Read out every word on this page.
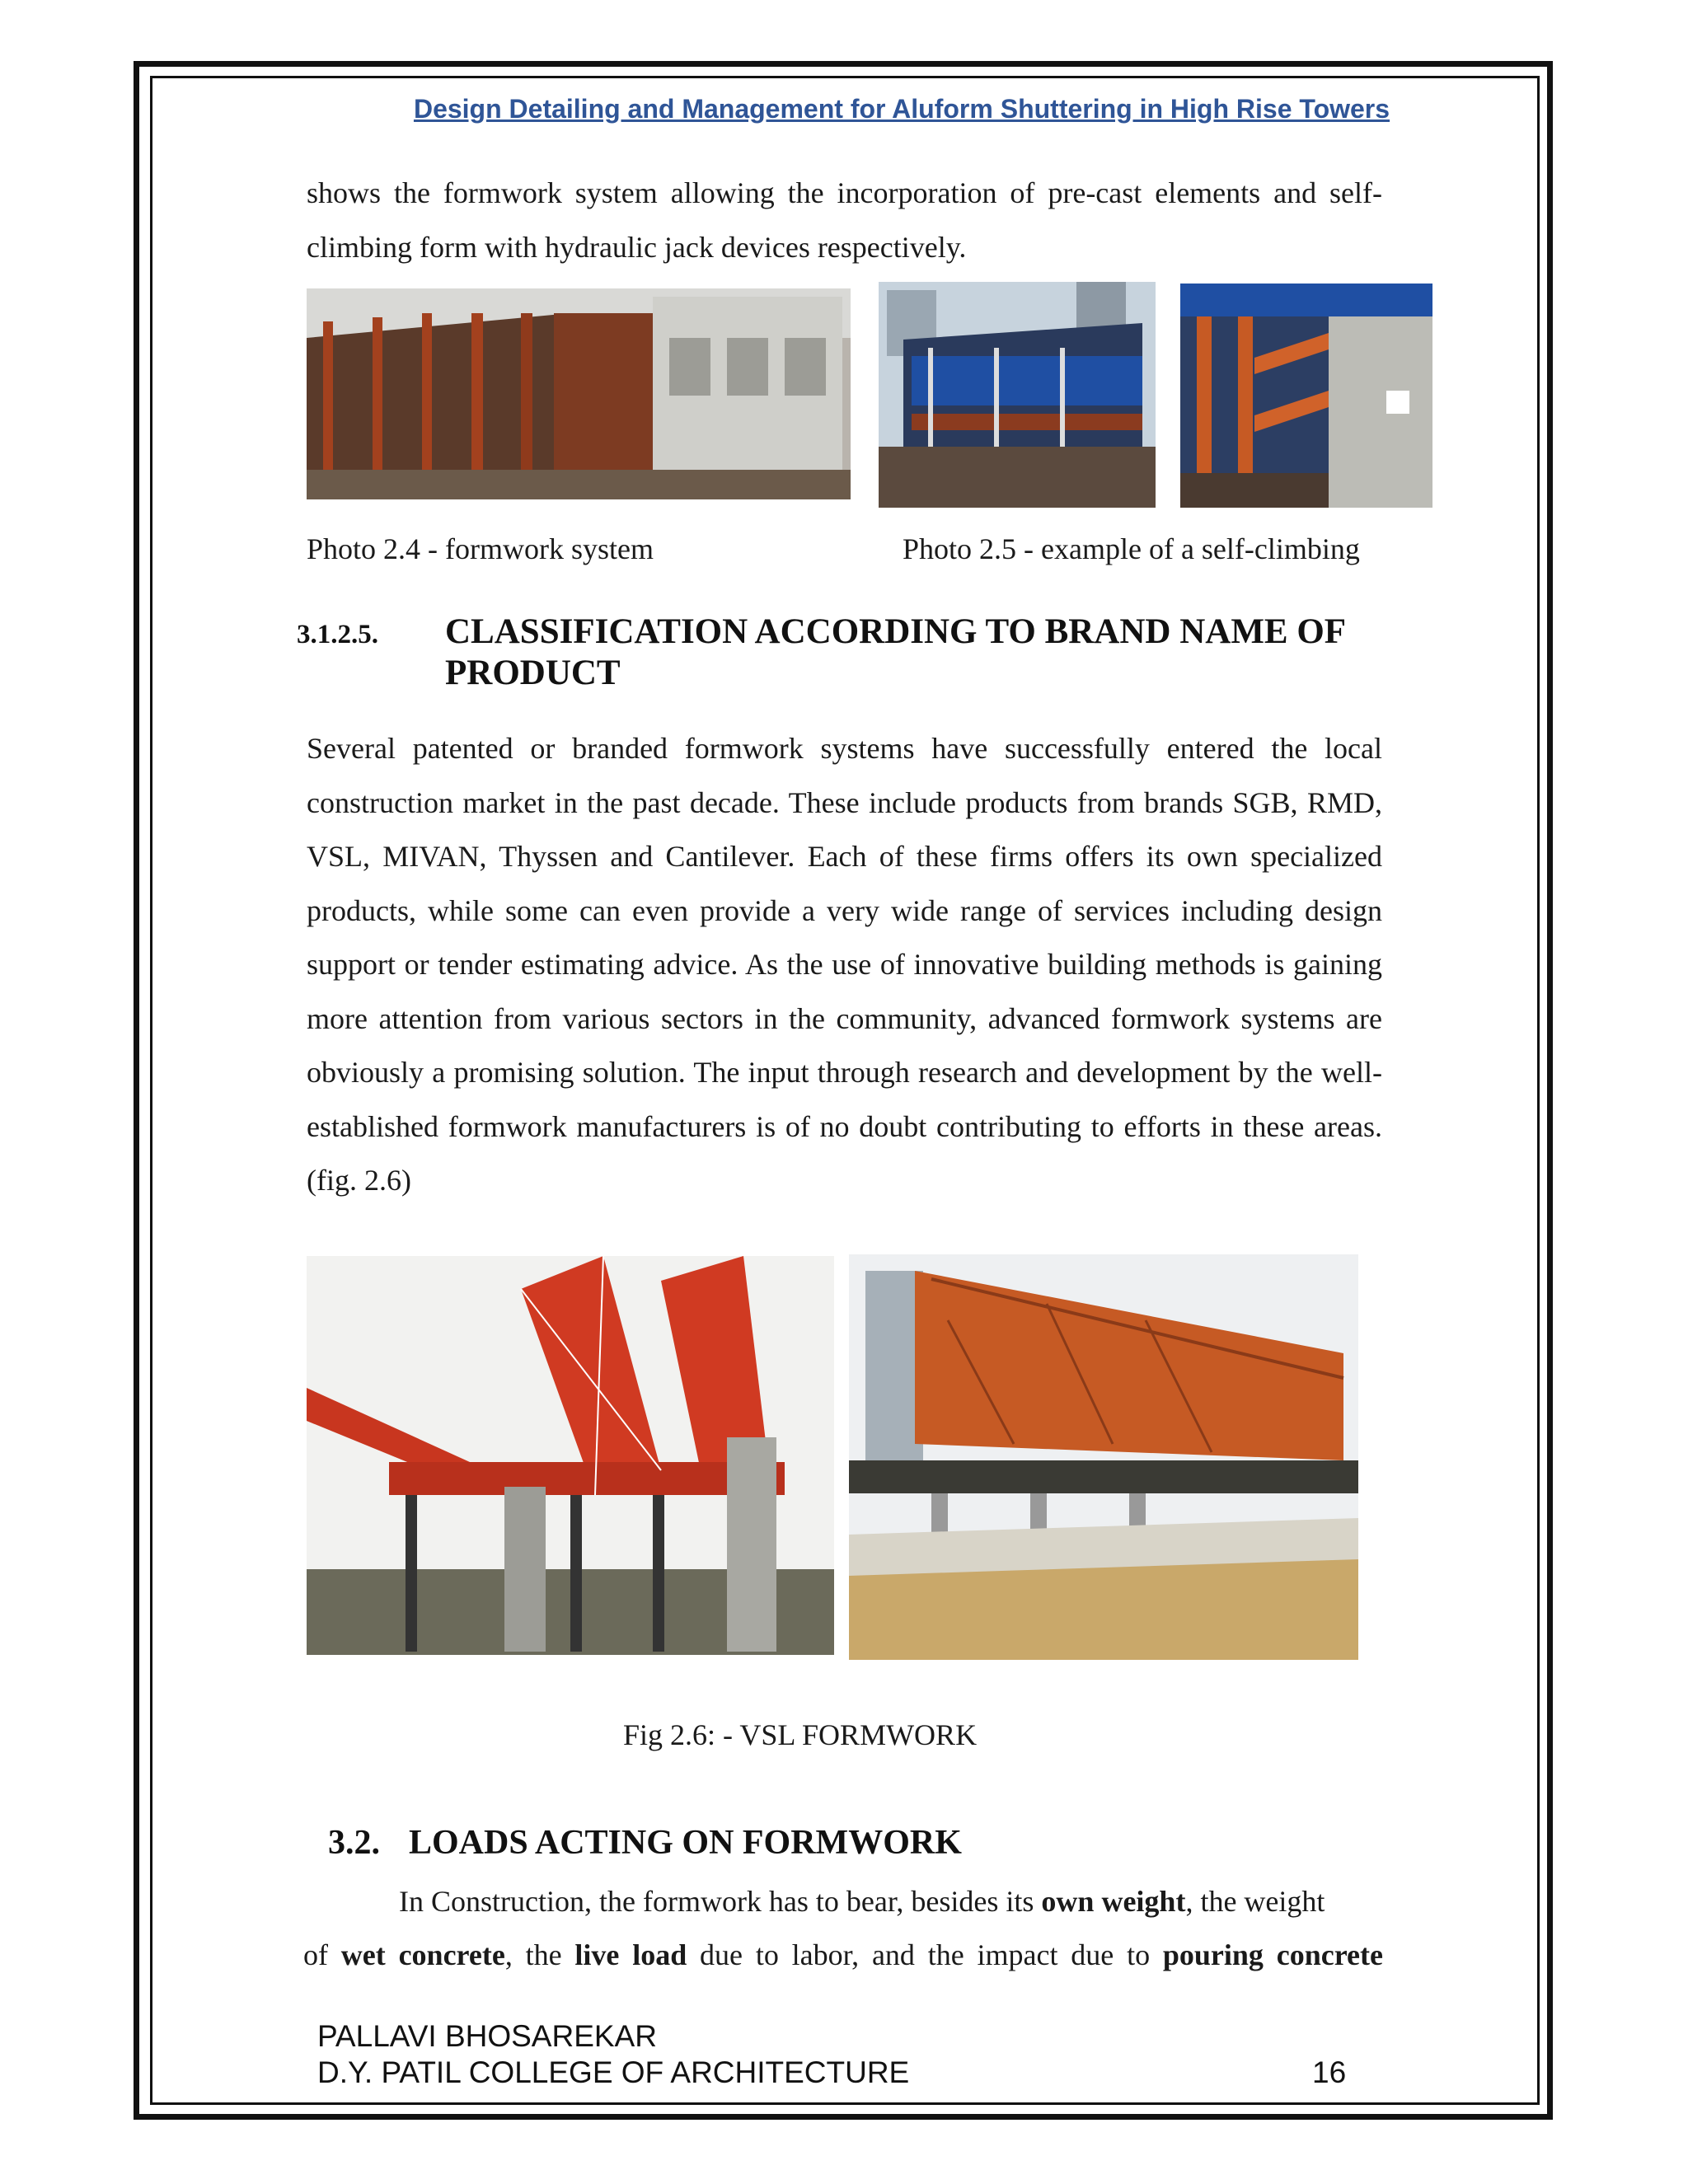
Design Detailing and Management for Aluform Shuttering in High Rise Towers
shows the formwork system allowing the incorporation of pre-cast elements and self-climbing form with hydraulic jack devices respectively.
Photo 2.4 - formwork system	Photo 2.5 - example of a self-climbing
3.1.2.5. CLASSIFICATION ACCORDING TO BRAND NAME OF
PRODUCT
Several patented or branded formwork systems have successfully entered the local construction market in the past decade. These include products from brands SGB, RMD, VSL, MIVAN, Thyssen and Cantilever. Each of these firms offers its own specialized products, while some can even provide a very wide range of services including design support or tender estimating advice. As the use of innovative building methods is gaining more attention from various sectors in the community, advanced formwork systems are obviously a promising solution. The input through research and development by the well- established formwork manufacturers is of no doubt contributing to efforts in these areas. (fig. 2.6)
Fig 2.6: - VSL FORMWORK
3.2. LOADS ACTING ON FORMWORK
In Construction, the formwork has to bear, besides its own weight, the weight
of wet concrete, the live load due to labor, and the impact due to pouring concrete
PALLAVI BHOSAREKAR
D.Y. PATIL COLLEGE OF ARCHITECTURE	16
